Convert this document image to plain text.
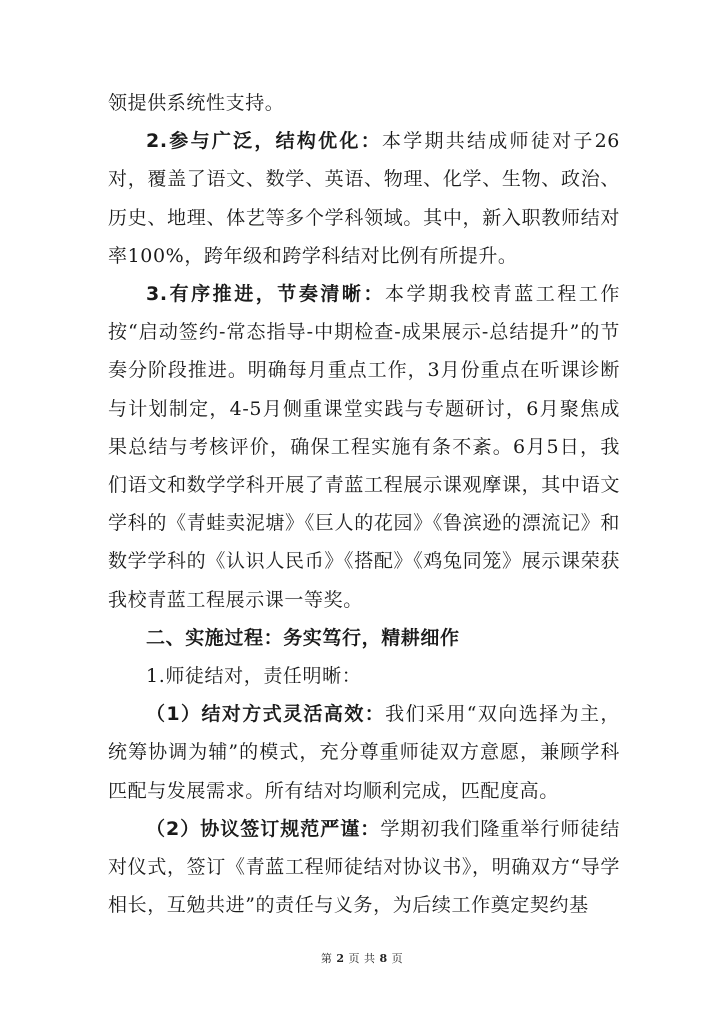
领提供系统性支持。

2.参与广泛，结构优化：本学期共结成师徒对子26对，覆盖了语文、数学、英语、物理、化学、生物、政治、历史、地理、体艺等多个学科领域。其中，新入职教师结对率100%，跨年级和跨学科结对比例有所提升。

3.有序推进，节奏清晰：本学期我校青蓝工程工作按“启动签约-常态指导-中期检查-成果展示-总结提升”的节奏分阶段推进。明确每月重点工作，3月份重点在听课诊断与计划制定，4-5月侧重课堂实践与专题研讨，6月聚焦成果总结与考核评价，确保工程实施有条不紊。6月5日，我们语文和数学学科开展了青蓝工程展示课观摩课，其中语文学科的《青蛙卖泥塘》《巨人的花园》《鲁滨逊的漂流记》和数学学科的《认识人民币》《搭配》《鸡兔同笼》展示课荣获我校青蓝工程展示课一等奖。

二、实施过程：务实笃行，精耕细作

1.师徒结对，责任明晰：

（1）结对方式灵活高效：我们采用“双向选择为主，统筹协调为辅”的模式，充分尊重师徒双方意愿，兼顾学科匹配与发展需求。所有结对均顺利完成，匹配度高。

（2）协议签订规范严谨：学期初我们隆重举行师徒结对仪式，签订《青蓝工程师徒结对协议书》，明确双方“导学相长，互勉共进”的责任与义务，为后续工作奠定契约基

第 2 页 共 8 页
